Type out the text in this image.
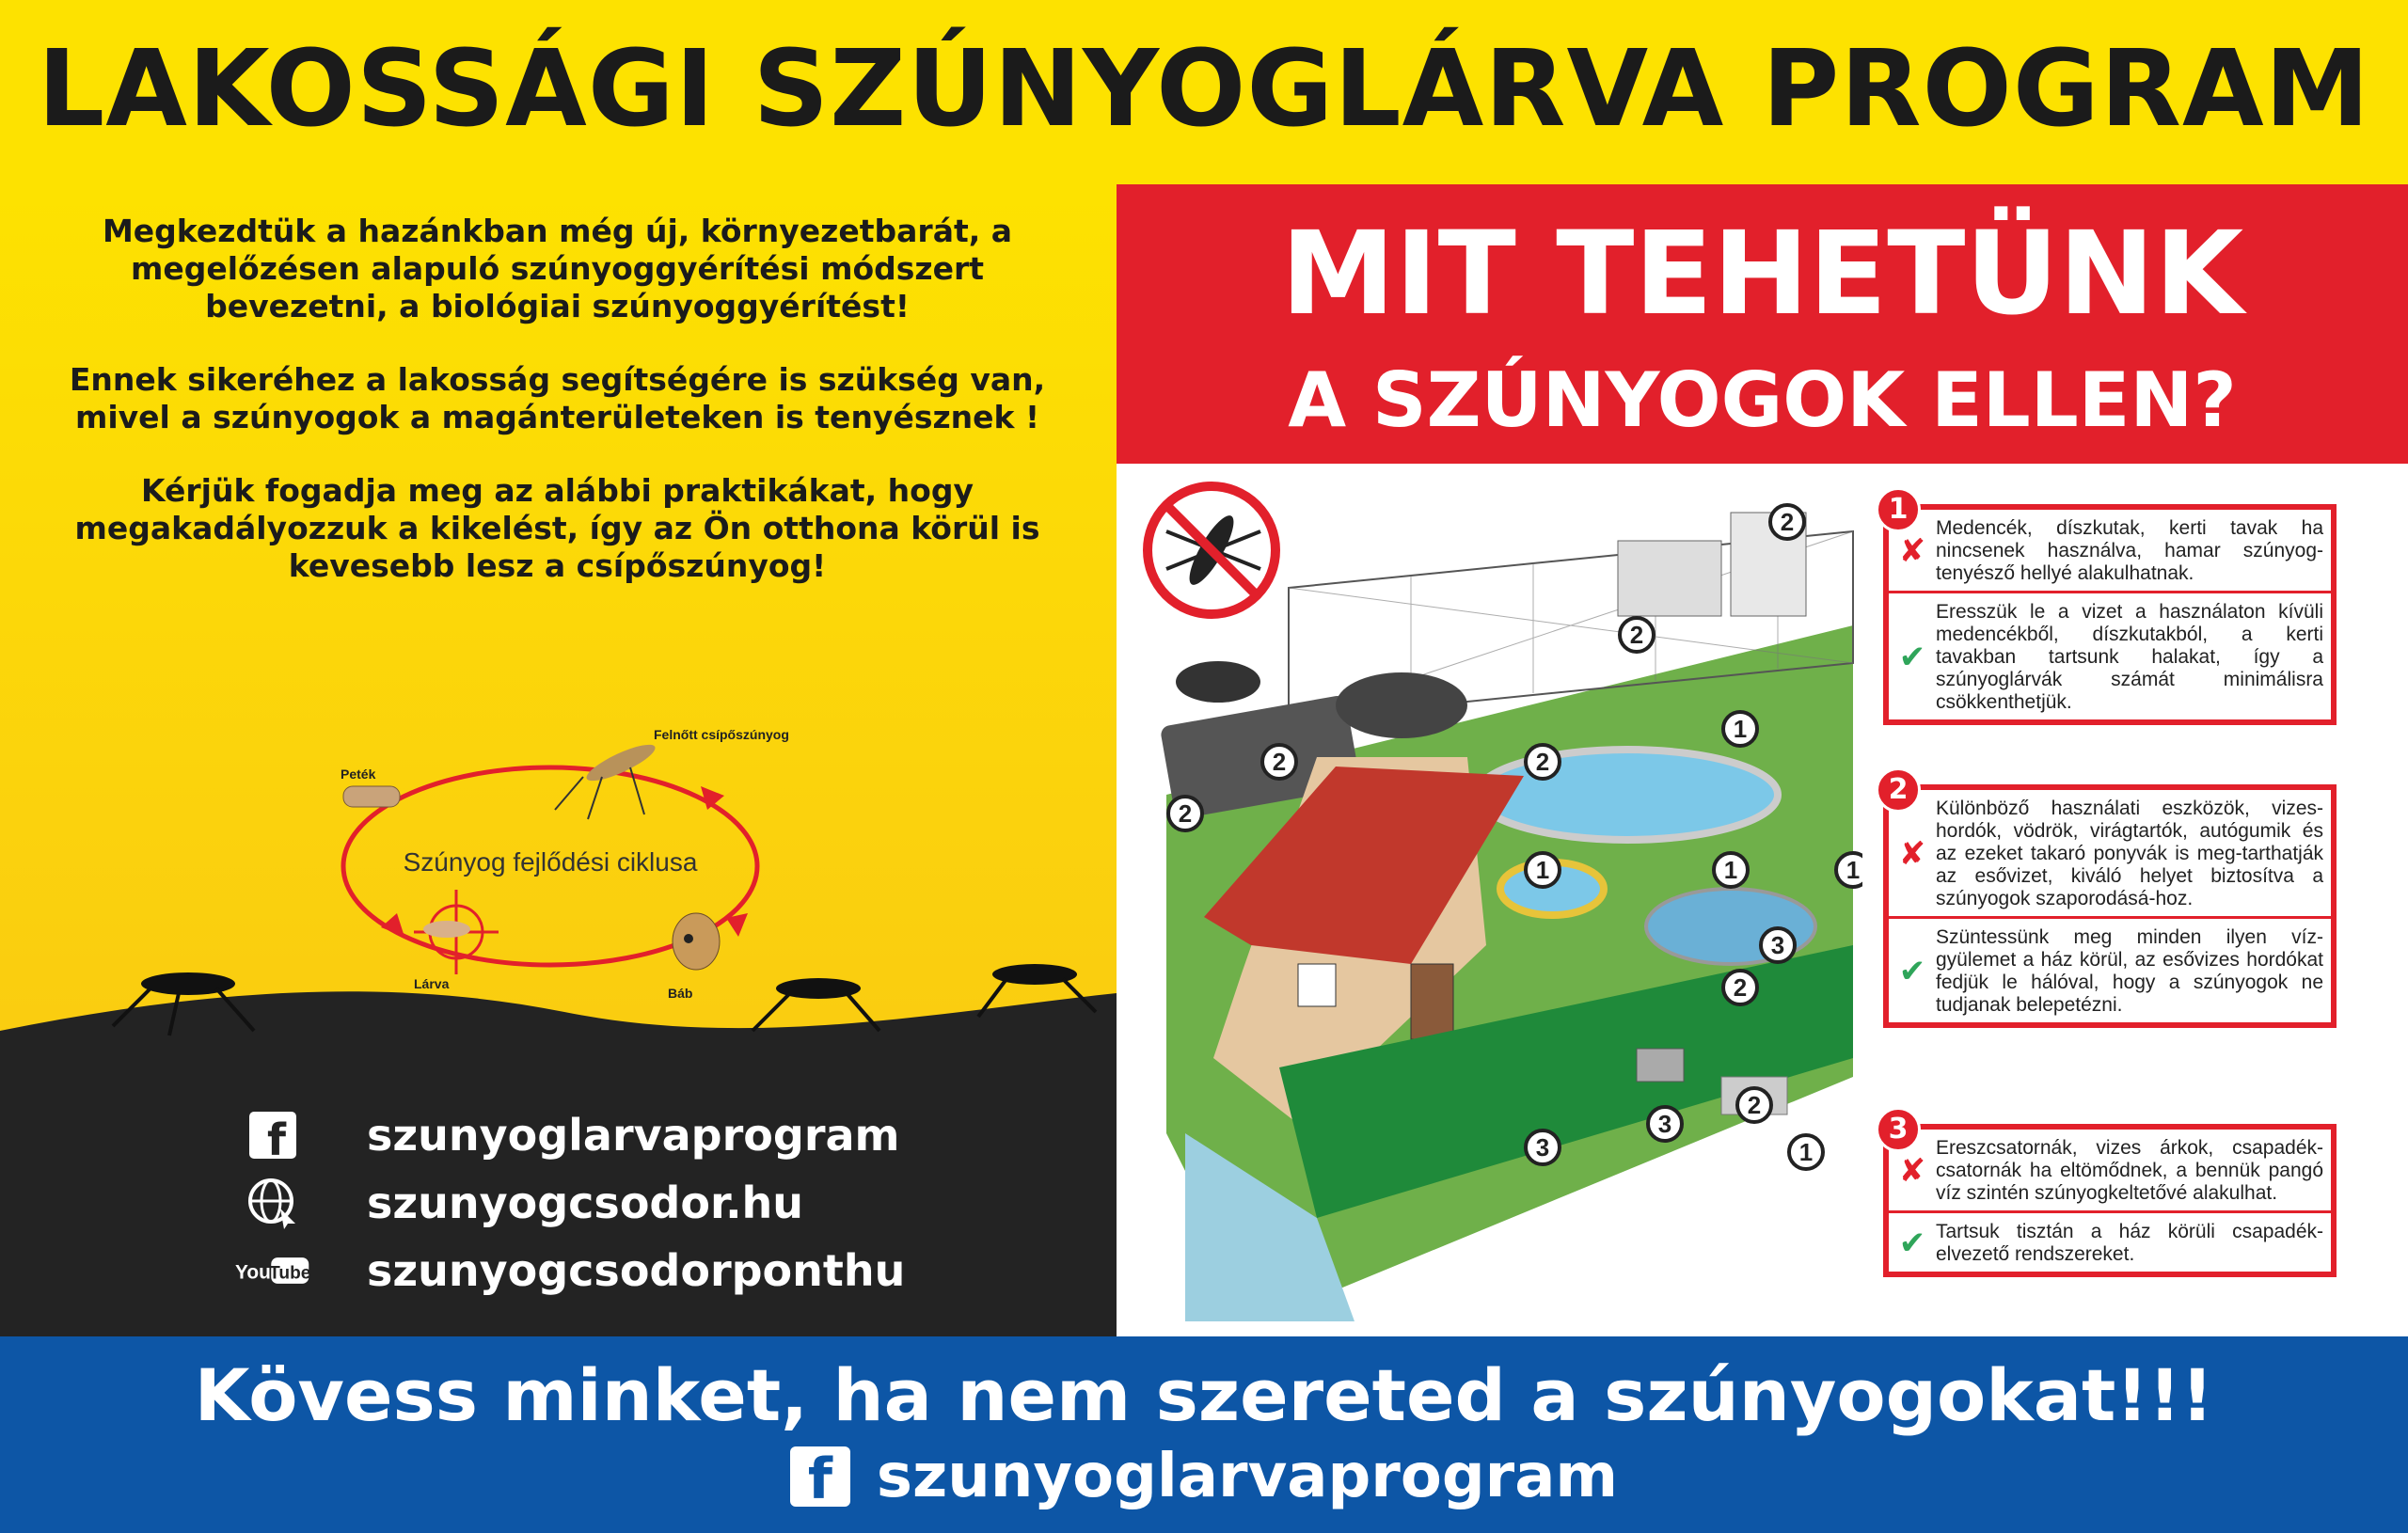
LAKOSSÁGI SZÚNYOGLÁRVA PROGRAM

Megkezdtük a hazánkban még új, környezetbarát, a megelőzésen alapuló szúnyoggyérítési módszert bevezetni, a biológiai szúnyoggyérítést!

Ennek sikeréhez a lakosság segítségére is szükség van, mivel a szúnyogok a magánterületeken is tenyésznek !

Kérjük fogadja meg az alábbi praktikákat, hogy megakadályozzuk a kikelést, így az Ön otthona körül is kevesebb lesz a csípőszúnyog!

Szúnyog fejlődési ciklusa
Peték
Felnőtt csípőszúnyog
Báb
Lárva
f szunyoglarvaprogram
szunyogcsodor.hu
You
Tube szunyogcsodorponthu
MIT TEHETÜNK
A SZÚNYOGOK ELLEN?
1
1	1
1
1
2
2
2
2
2
2
2
3
3
3
1
✘
Medencék, díszkutak, kerti tavak ha nincsenek használva, hamar szúnyog-tenyésző hellyé alakulhatnak.
✔
Eresszük le a vizet a használaton kívüli medencékből, díszkutakból, a kerti tavakban tartsunk halakat, így a szúnyoglárvák számát minimálisra csökkenthetjük.
2
✘
Különböző használati eszközök, vizes-hordók, vödrök, virágtartók, autógumik és az ezeket takaró ponyvák is meg-tarthatják az esővizet, kiváló helyet biztosítva a szúnyogok szaporodásá-hoz.
✔
Szüntessünk meg minden ilyen víz-gyülemet a ház körül, az esővizes hordókat fedjük le hálóval, hogy a szúnyogok ne tudjanak belepetézni.
3
✘
Ereszcsatornák, vizes árkok, csapadék-csatornák ha eltömődnek, a bennük pangó víz szintén szúnyogkeltetővé alakulhat.
✔ Tartsuk tisztán a ház körüli csapadék-elvezető rendszereket.
Kövess minket, ha nem szereted a szúnyogokat!!!
f szunyoglarvaprogram
